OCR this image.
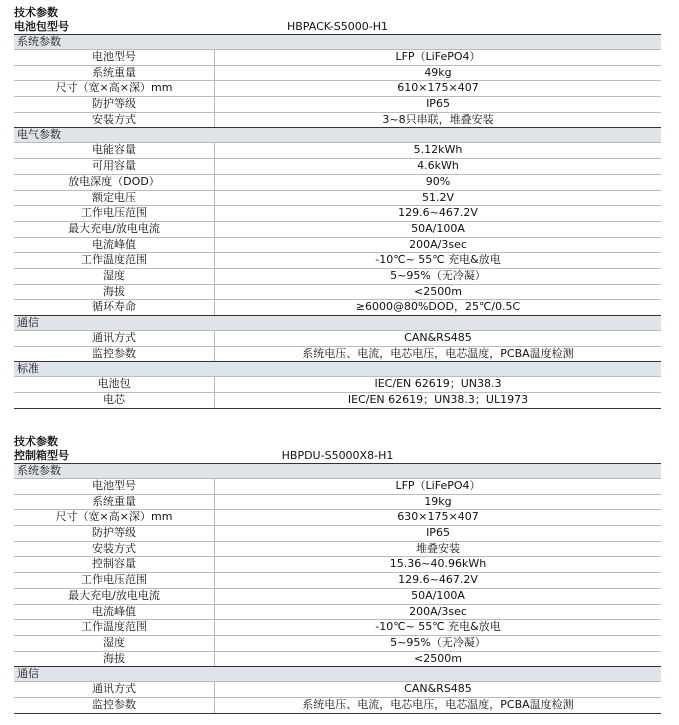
技术参数
电池包型号	HBPACK-S5000-H1
系统参数
电池型号	LFP（LiFePO4）
系统重量	49kg
尺寸（宽×高×深）mm	610×175×407
防护等级	IP65
安装方式	3~8只串联，堆叠安装
电气参数
电能容量	5.12kWh
可用容量	4.6kWh
放电深度（DOD）	90%
额定电压	51.2V
工作电压范围	129.6~467.2V
最大充电/放电电流	50A/100A
电流峰值	200A/3sec
工作温度范围	-10℃~ 55℃ 充电&放电
湿度	5~95%（无冷凝）
海拔	<2500m
循环寿命	≥6000@80%DOD，25℃/0.5C
通信
通讯方式	CAN&RS485
监控参数	系统电压、电流，电芯电压，电芯温度，PCBA温度检测
标准
电池包	IEC/EN 62619；UN38.3
电芯	IEC/EN 62619；UN38.3；UL1973
技术参数
控制箱型号	HBPDU-S5000X8-H1
系统参数
电池型号	LFP（LiFePO4）
系统重量	19kg
尺寸（宽×高×深）mm	630×175×407
防护等级	IP65
安装方式	堆叠安装
控制容量	15.36~40.96kWh
工作电压范围	129.6~467.2V
最大充电/放电电流	50A/100A
电流峰值	200A/3sec
工作温度范围	-10℃~ 55℃ 充电&放电
湿度	5~95%（无冷凝）
海拔	<2500m
通信
通讯方式	CAN&RS485
监控参数	系统电压、电流，电芯电压，电芯温度，PCBA温度检测
